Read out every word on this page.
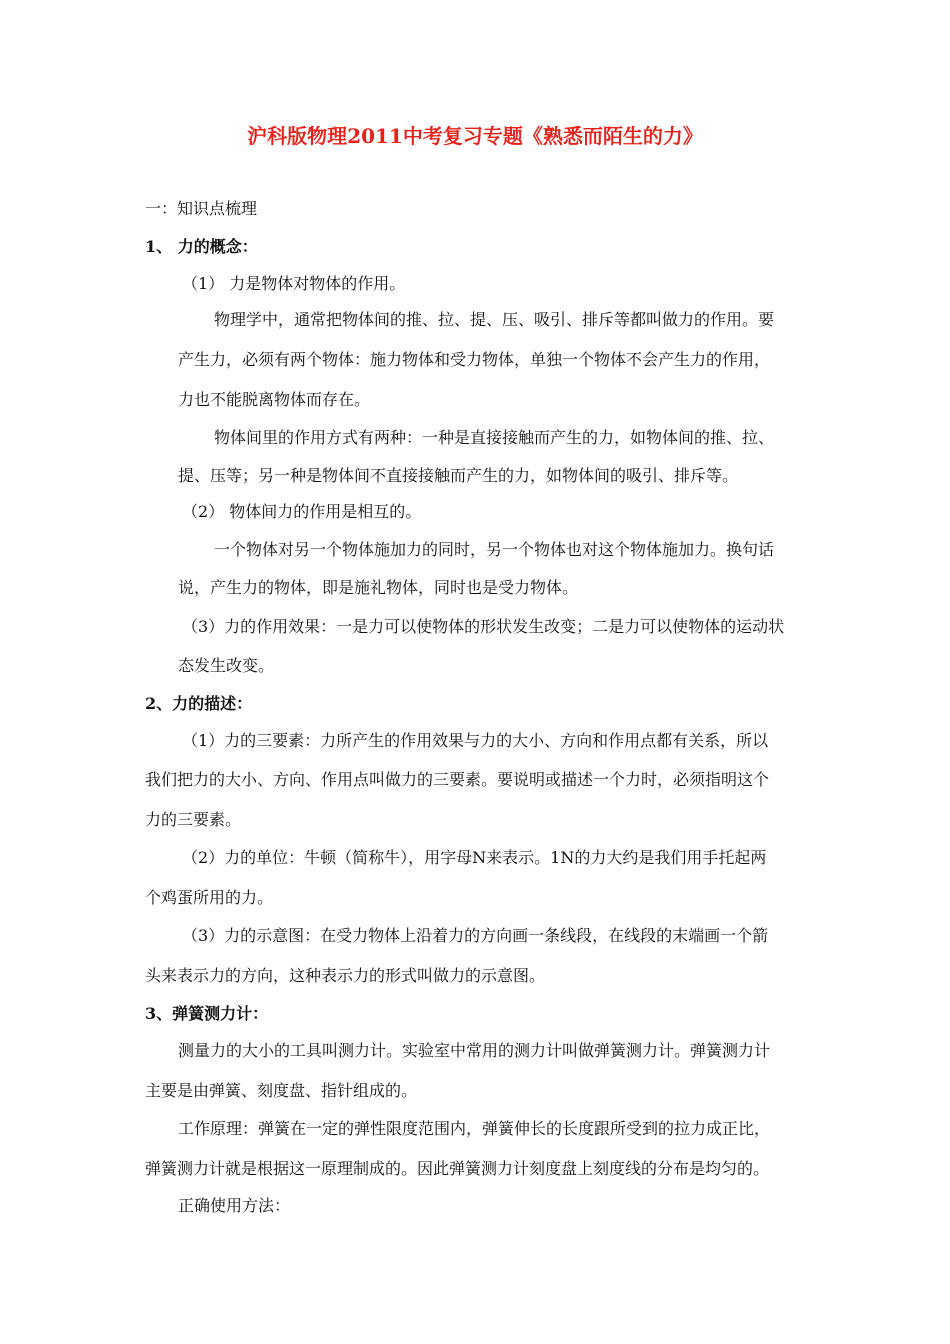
沪科版物理2011中考复习专题《熟悉而陌生的力》
一：知识点梳理
1、 力的概念：
（1） 力是物体对物体的作用。
物理学中，通常把物体间的推、拉、提、压、吸引、排斥等都叫做力的作用。要
产生力，必须有两个物体：施力物体和受力物体，单独一个物体不会产生力的作用，
力也不能脱离物体而存在。
物体间里的作用方式有两种：一种是直接接触而产生的力，如物体间的推、拉、
提、压等；另一种是物体间不直接接触而产生的力，如物体间的吸引、排斥等。
（2） 物体间力的作用是相互的。
一个物体对另一个物体施加力的同时，另一个物体也对这个物体施加力。换句话
说，产生力的物体，即是施礼物体，同时也是受力物体。
（3）力的作用效果：一是力可以使物体的形状发生改变；二是力可以使物体的运动状
态发生改变。
2、力的描述：
（1）力的三要素：力所产生的作用效果与力的大小、方向和作用点都有关系，所以
我们把力的大小、方向、作用点叫做力的三要素。要说明或描述一个力时，必须指明这个
力的三要素。
（2）力的单位：牛顿（简称牛），用字母N来表示。1N的力大约是我们用手托起两
个鸡蛋所用的力。
（3）力的示意图：在受力物体上沿着力的方向画一条线段，在线段的末端画一个箭
头来表示力的方向，这种表示力的形式叫做力的示意图。
3、弹簧测力计：
测量力的大小的工具叫测力计。实验室中常用的测力计叫做弹簧测力计。弹簧测力计
主要是由弹簧、刻度盘、指针组成的。
工作原理：弹簧在一定的弹性限度范围内，弹簧伸长的长度跟所受到的拉力成正比，
弹簧测力计就是根据这一原理制成的。因此弹簧测力计刻度盘上刻度线的分布是均匀的。
正确使用方法：
